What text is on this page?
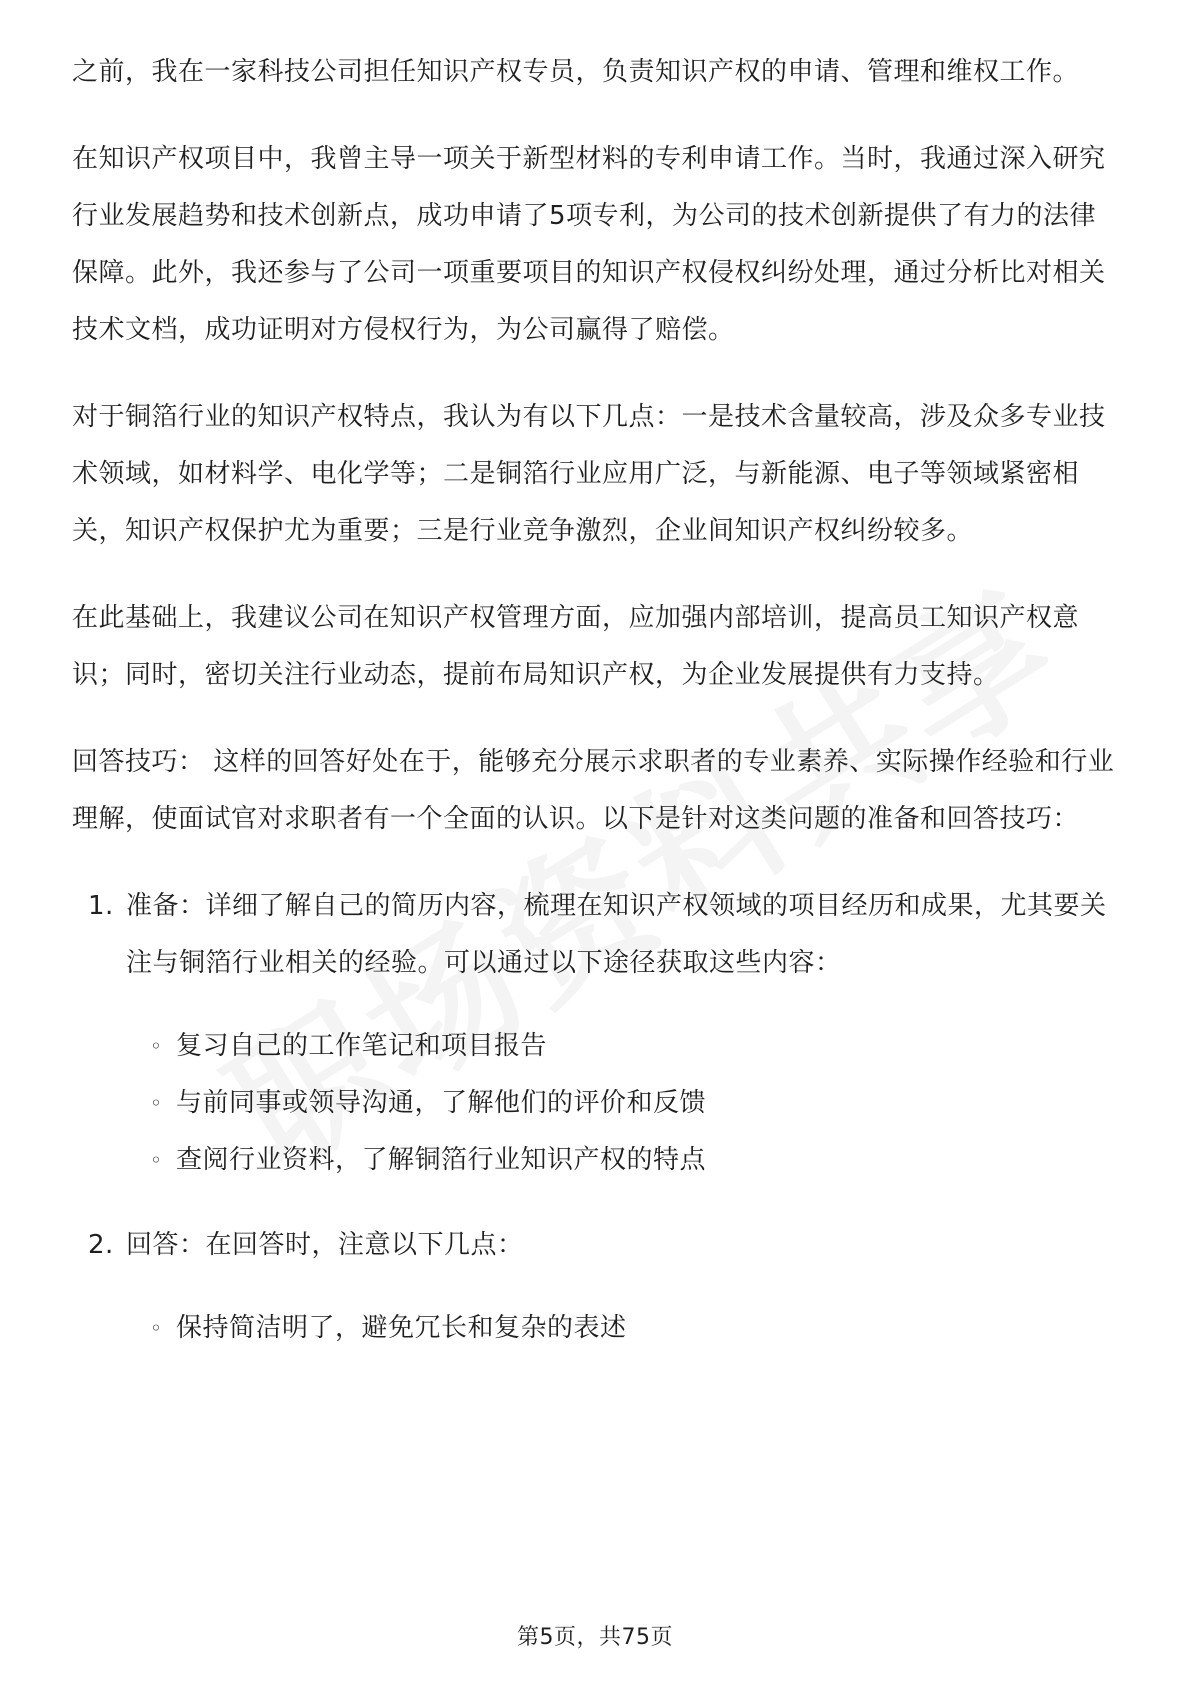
之前，我在一家科技公司担任知识产权专员，负责知识产权的申请、管理和维权工作。

在知识产权项目中，我曾主导一项关于新型材料的专利申请工作。当时，我通过深入研究行业发展趋势和技术创新点，成功申请了5项专利，为公司的技术创新提供了有力的法律保障。此外，我还参与了公司一项重要项目的知识产权侵权纠纷处理，通过分析比对相关技术文档，成功证明对方侵权行为，为公司赢得了赔偿。

对于铜箔行业的知识产权特点，我认为有以下几点：一是技术含量较高，涉及众多专业技术领域，如材料学、电化学等；二是铜箔行业应用广泛，与新能源、电子等领域紧密相关，知识产权保护尤为重要；三是行业竞争激烈，企业间知识产权纠纷较多。

在此基础上，我建议公司在知识产权管理方面，应加强内部培训，提高员工知识产权意识；同时，密切关注行业动态，提前布局知识产权，为企业发展提供有力支持。

回答技巧： 这样的回答好处在于，能够充分展示求职者的专业素养、实际操作经验和行业理解，使面试官对求职者有一个全面的认识。以下是针对这类问题的准备和回答技巧：

1. 准备：详细了解自己的简历内容，梳理在知识产权领域的项目经历和成果，尤其要关注与铜箔行业相关的经验。可以通过以下途径获取这些内容：
◦ 复习自己的工作笔记和项目报告
◦ 与前同事或领导沟通，了解他们的评价和反馈
◦ 查阅行业资料，了解铜箔行业知识产权的特点
2. 回答：在回答时，注意以下几点：
◦ 保持简洁明了，避免冗长和复杂的表述
第5页，共75页
